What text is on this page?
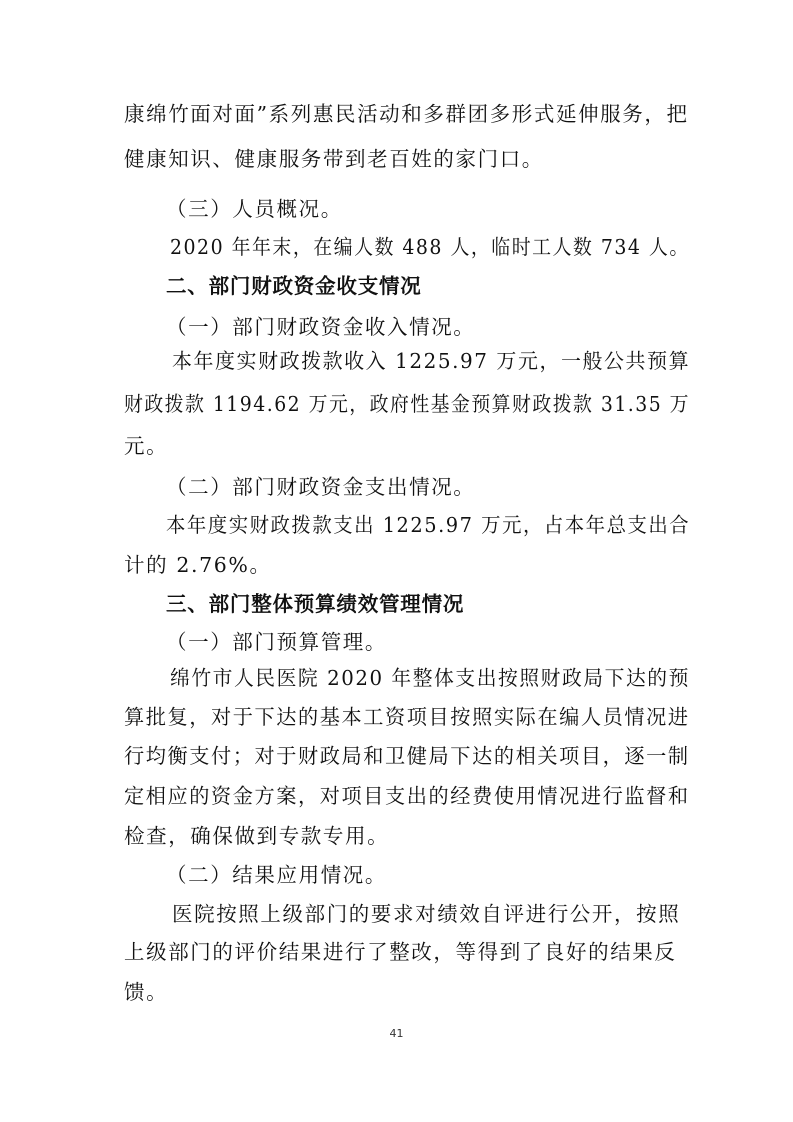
康绵竹面对面”系列惠民活动和多群团多形式延伸服务，把
健康知识、健康服务带到老百姓的家门口。
（三）人员概况。
2020 年年末，在编人数 488 人，临时工人数 734 人。
二、部门财政资金收支情况
（一）部门财政资金收入情况。
本年度实财政拨款收入 1225.97 万元，一般公共预算
财政拨款 1194.62 万元，政府性基金预算财政拨款 31.35 万
元。
（二）部门财政资金支出情况。
本年度实财政拨款支出 1225.97 万元，占本年总支出合
计的 2.76%。
三、部门整体预算绩效管理情况
（一）部门预算管理。
绵竹市人民医院 2020 年整体支出按照财政局下达的预
算批复，对于下达的基本工资项目按照实际在编人员情况进
行均衡支付；对于财政局和卫健局下达的相关项目，逐一制
定相应的资金方案，对项目支出的经费使用情况进行监督和
检查，确保做到专款专用。
（二）结果应用情况。
医院按照上级部门的要求对绩效自评进行公开，按照
上级部门的评价结果进行了整改，等得到了良好的结果反
馈。
41
